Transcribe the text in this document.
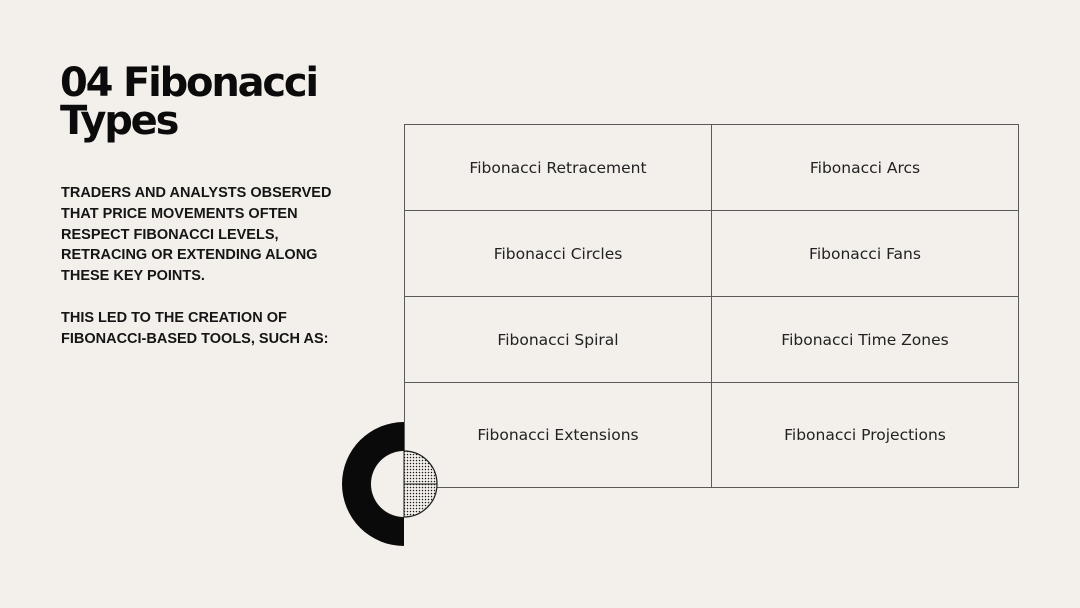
04 Fibonacci
Types

TRADERS AND ANALYSTS OBSERVED THAT PRICE MOVEMENTS OFTEN RESPECT FIBONACCI LEVELS, RETRACING OR EXTENDING ALONG THESE KEY POINTS.

THIS LED TO THE CREATION OF FIBONACCI-BASED TOOLS, SUCH AS:

Fibonacci Retracement	Fibonacci Arcs
Fibonacci Circles	Fibonacci Fans
Fibonacci Spiral	Fibonacci Time Zones
Fibonacci Extensions	Fibonacci Projections
